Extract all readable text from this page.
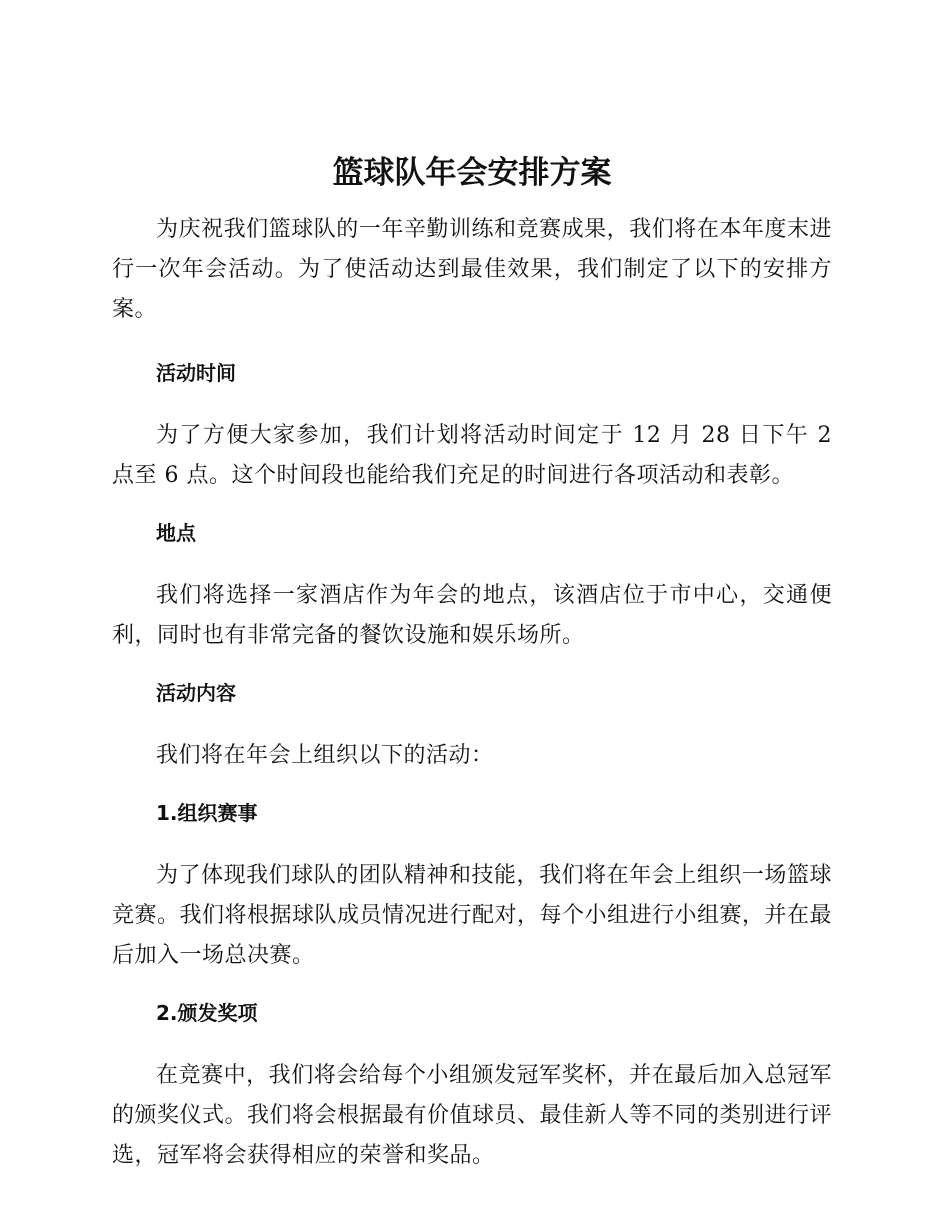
篮球队年会安排方案

为庆祝我们篮球队的一年辛勤训练和竞赛成果，我们将在本年度末进行一次年会活动。为了使活动达到最佳效果，我们制定了以下的安排方案。

活动时间

为了方便大家参加，我们计划将活动时间定于 12 月 28 日下午 2 点至 6 点。这个时间段也能给我们充足的时间进行各项活动和表彰。

地点

我们将选择一家酒店作为年会的地点，该酒店位于市中心，交通便利，同时也有非常完备的餐饮设施和娱乐场所。

活动内容

我们将在年会上组织以下的活动：

1.组织赛事

为了体现我们球队的团队精神和技能，我们将在年会上组织一场篮球竞赛。我们将根据球队成员情况进行配对，每个小组进行小组赛，并在最后加入一场总决赛。

2.颁发奖项

在竞赛中，我们将会给每个小组颁发冠军奖杯，并在最后加入总冠军的颁奖仪式。我们将会根据最有价值球员、最佳新人等不同的类别进行评选，冠军将会获得相应的荣誉和奖品。
